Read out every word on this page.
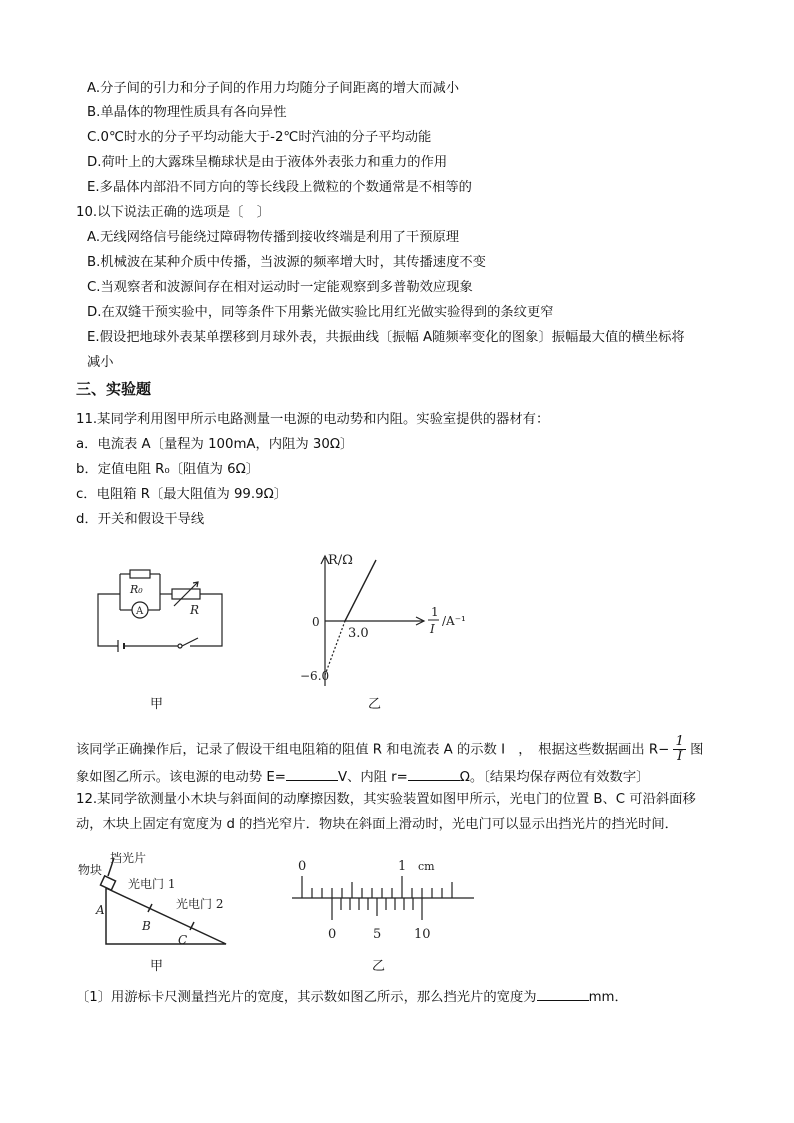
A.分子间的引力和分子间的作用力均随分子间距离的增大而减小
B.单晶体的物理性质具有各向异性
C.0℃时水的分子平均动能大于-2℃时汽油的分子平均动能
D.荷叶上的大露珠呈椭球状是由于液体外表张力和重力的作用
E.多晶体内部沿不同方向的等长线段上微粒的个数通常是不相等的
10.以下说法正确的选项是〔　〕
A.无线网络信号能绕过障碍物传播到接收终端是利用了干预原理
B.机械波在某种介质中传播，当波源的频率增大时，其传播速度不变
C.当观察者和波源间存在相对运动时一定能观察到多普勒效应现象
D.在双缝干预实验中，同等条件下用紫光做实验比用红光做实验得到的条纹更窄
E.假设把地球外表某单摆移到月球外表，共振曲线〔振幅 A随频率变化的图象〕振幅最大值的横坐标将
减小
三、实验题
11.某同学利用图甲所示电路测量一电源的电动势和内阻。实验室提供的器材有：
a．电流表 A〔量程为 100mA，内阻为 30Ω〕
b．定值电阻 R₀〔阻值为 6Ω〕
c．电阻箱 R〔最大阻值为 99.9Ω〕
d．开关和假设干导线
R₀
A	R
甲
R/Ω
0
3.0
−6.0
1
I
/A⁻¹
乙
该同学正确操作后，记录了假设干组电阻箱的阻值 R 和电流表 A 的示数 I　，　根据这些数据画出 $R- \frac{1}{I}$ 图
象如图乙所示。该电源的电动势 E=	V、内阻 r=	Ω。〔结果均保存两位有效数字〕
12.某同学欲测量小木块与斜面间的动摩擦因数，其实验装置如图甲所示，光电门的位置 B、C 可沿斜面移
动，木块上固定有宽度为 d 的挡光窄片．物块在斜面上滑动时，光电门可以显示出挡光片的挡光时间．
挡光片
物块
光电门 1
光电门 2
A
B
C
甲
0	1 cm
0	5	10
乙
〔1〕用游标卡尺测量挡光片的宽度，其示数如图乙所示，那么挡光片的宽度为	mm．
